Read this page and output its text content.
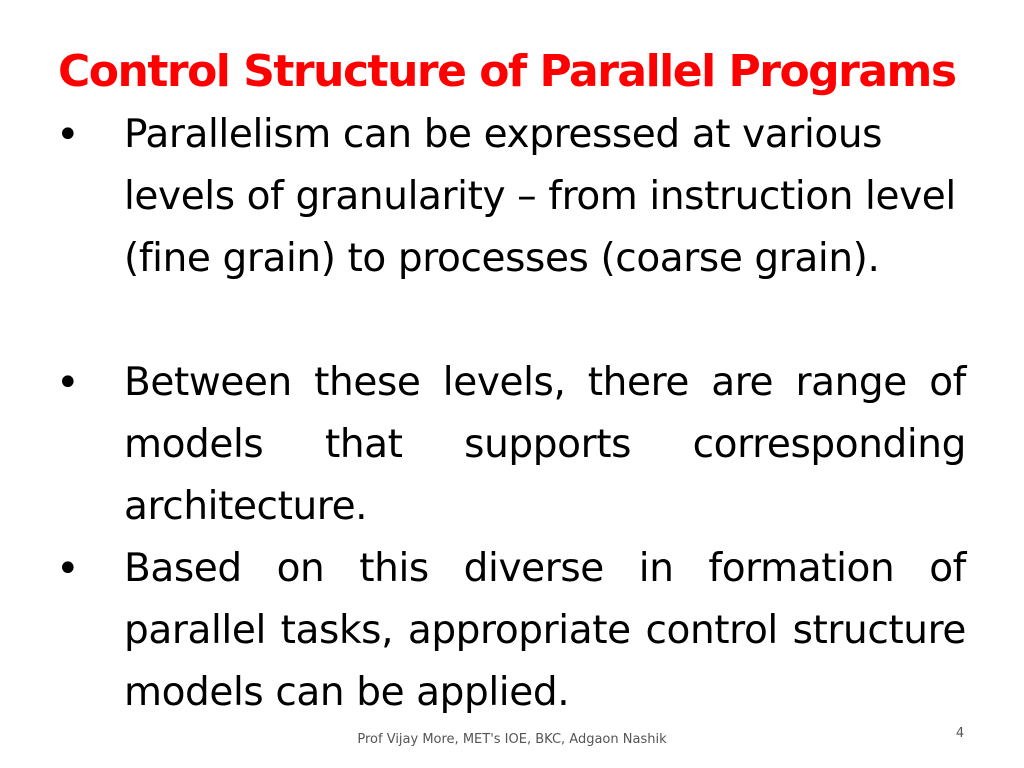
Control Structure of Parallel Programs
• Parallelism can be expressed at various levels of granularity – from instruction level (fine grain) to processes (coarse grain).
• Between these levels, there are range of models that supports corresponding architecture.
• Based on this diverse in formation of parallel tasks, appropriate control structure models can be applied.
Prof Vijay More, MET's IOE, BKC, Adgaon Nashik	4
